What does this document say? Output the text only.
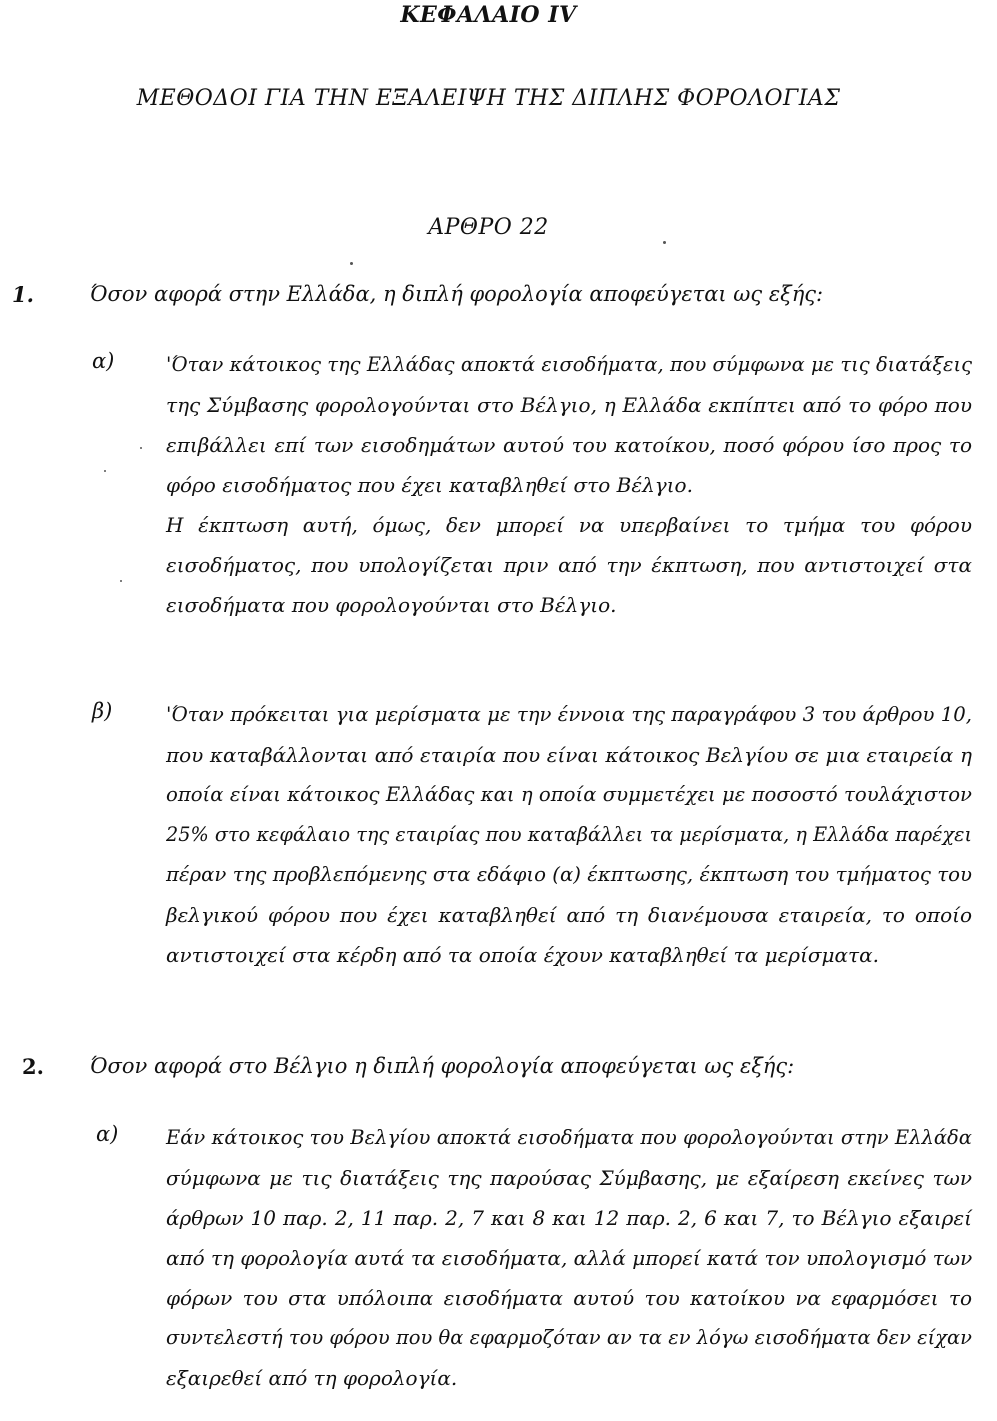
ΚΕΦΑΛΑΙΟ IV
ΜΕΘΟΔΟΙ ΓΙΑ ΤΗΝ ΕΞΑΛΕΙΨΗ ΤΗΣ ΔΙΠΛΗΣ ΦΟΡΟΛΟΓΙΑΣ
ΑΡΘΡΟ 22
1.	Όσον αφορά στην Ελλάδα, η διπλή φορολογία αποφεύγεται ως εξής:
α)	'Όταν κάτοικος της Ελλάδας αποκτά εισοδήματα, που σύμφωνα με τις διατάξεις
της Σύμβασης φορολογούνται στο Βέλγιο, η Ελλάδα εκπίπτει από το φόρο που
επιβάλλει επί των εισοδημάτων αυτού του κατοίκου, ποσό φόρου ίσο προς το
φόρο εισοδήματος που έχει καταβληθεί στο Βέλγιο.
Η έκπτωση αυτή, όμως, δεν μπορεί να υπερβαίνει το τμήμα του φόρου
εισοδήματος, που υπολογίζεται πριν από την έκπτωση, που αντιστοιχεί στα
εισοδήματα που φορολογούνται στο Βέλγιο.
β)	'Όταν πρόκειται για μερίσματα με την έννοια της παραγράφου 3 του άρθρου 10,
που καταβάλλονται από εταιρία που είναι κάτοικος Βελγίου σε μια εταιρεία η
οποία είναι κάτοικος Ελλάδας και η οποία συμμετέχει με ποσοστό τουλάχιστον
25% στο κεφάλαιο της εταιρίας που καταβάλλει τα μερίσματα, η Ελλάδα παρέχει
πέραν της προβλεπόμενης στα εδάφιο (α) έκπτωσης, έκπτωση του τμήματος του
βελγικού φόρου που έχει καταβληθεί από τη διανέμουσα εταιρεία, το οποίο
αντιστοιχεί στα κέρδη από τα οποία έχουν καταβληθεί τα μερίσματα.
2. Όσον αφορά στο Βέλγιο η διπλή φορολογία αποφεύγεται ως εξής:
α) Εάν κάτοικος του Βελγίου αποκτά εισοδήματα που φορολογούνται στην Ελλάδα
σύμφωνα με τις διατάξεις της παρούσας Σύμβασης, με εξαίρεση εκείνες των
άρθρων 10 παρ. 2, 11 παρ. 2, 7 και 8 και 12 παρ. 2, 6 και 7, το Βέλγιο εξαιρεί
από τη φορολογία αυτά τα εισοδήματα, αλλά μπορεί κατά τον υπολογισμό των
φόρων του στα υπόλοιπα εισοδήματα αυτού του κατοίκου να εφαρμόσει το
συντελεστή του φόρου που θα εφαρμοζόταν αν τα εν λόγω εισοδήματα δεν είχαν
εξαιρεθεί από τη φορολογία.
